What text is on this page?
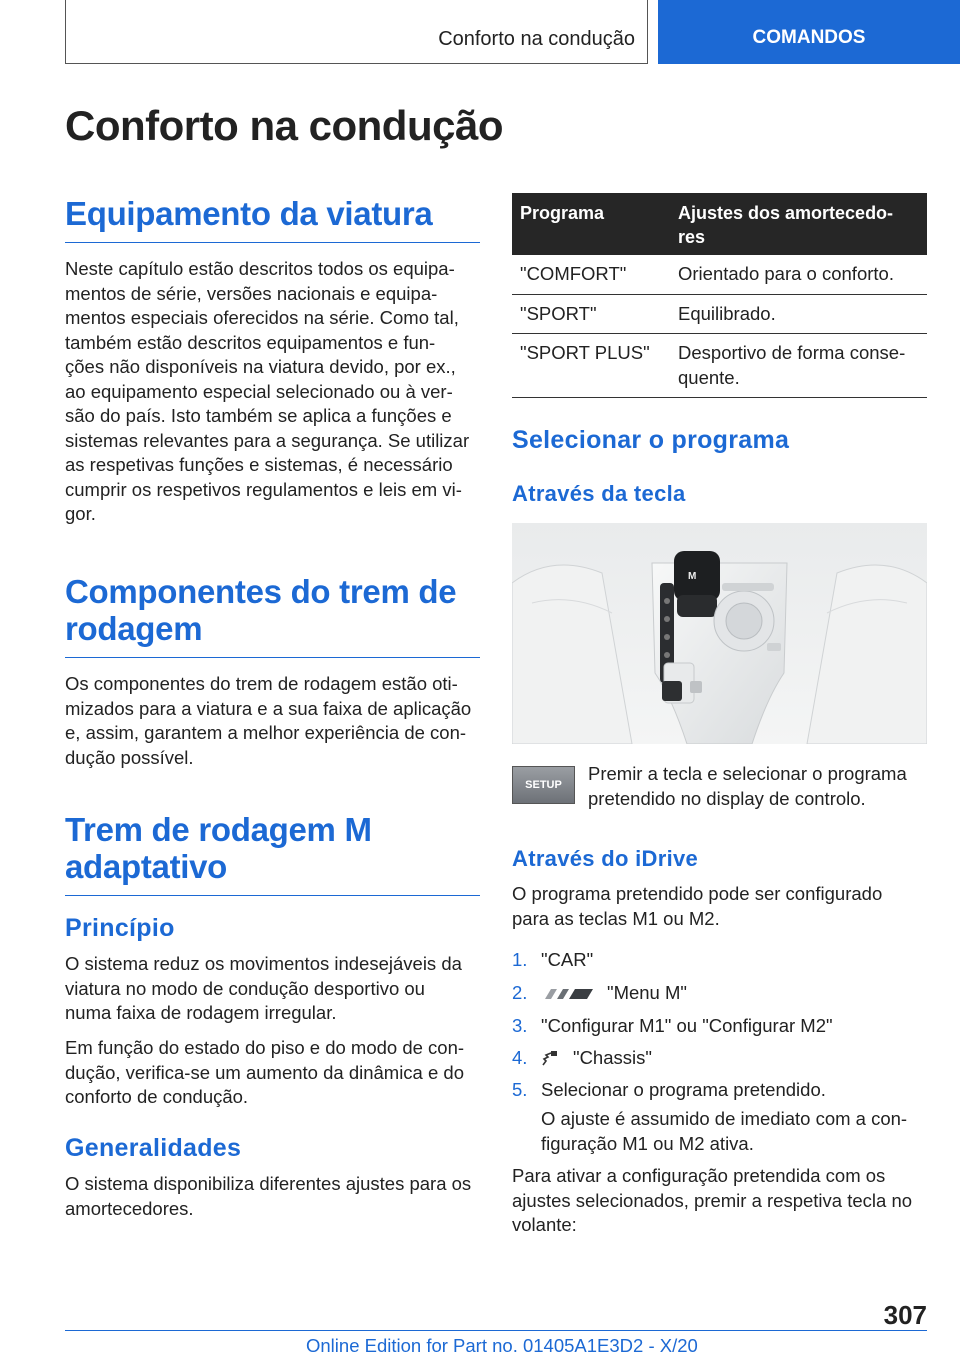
Conforto na condução	COMANDOS
Conforto na condução
Equipamento da viatura
Neste capítulo estão descritos todos os equipa-
mentos de série, versões nacionais e equipa-
mentos especiais oferecidos na série. Como tal,
também estão descritos equipamentos e fun-
ções não disponíveis na viatura devido, por ex.,
ao equipamento especial selecionado ou à ver-
são do país. Isto também se aplica a funções e
sistemas relevantes para a segurança. Se utilizar
as respetivas funções e sistemas, é necessário
cumprir os respetivos regulamentos e leis em vi-
gor.
Componentes do trem de
rodagem
Os componentes do trem de rodagem estão oti-
mizados para a viatura e a sua faixa de aplicação
e, assim, garantem a melhor experiência de con-
dução possível.
Trem de rodagem M
adaptativo
Princípio
O sistema reduz os movimentos indesejáveis da
viatura no modo de condução desportivo ou
numa faixa de rodagem irregular.
Em função do estado do piso e do modo de con-
dução, verifica-se um aumento da dinâmica e do
conforto de condução.
Generalidades
O sistema disponibiliza diferentes ajustes para os
amortecedores.
Programa	Ajustes dos amortecedo-
res

"COMFORT"	Orientado para o conforto.
"SPORT"	Equilibrado.
"SPORT PLUS"	Desportivo de forma conse-
quente.
Selecionar o programa
Através da tecla
M
SETUP
Premir a tecla e selecionar o programa
pretendido no display de controlo.
Através do iDrive
O programa pretendido pode ser configurado
para as teclas M1 ou M2.
1. "CAR"
2.	"Menu M"
3. "Configurar M1" ou "Configurar M2"
4.	"Chassis"
5. Selecionar o programa pretendido.
O ajuste é assumido de imediato com a con-
figuração M1 ou M2 ativa.
Para ativar a configuração pretendida com os
ajustes selecionados, premir a respetiva tecla no
volante:
307
Online Edition for Part no. 01405A1E3D2 - X/20
